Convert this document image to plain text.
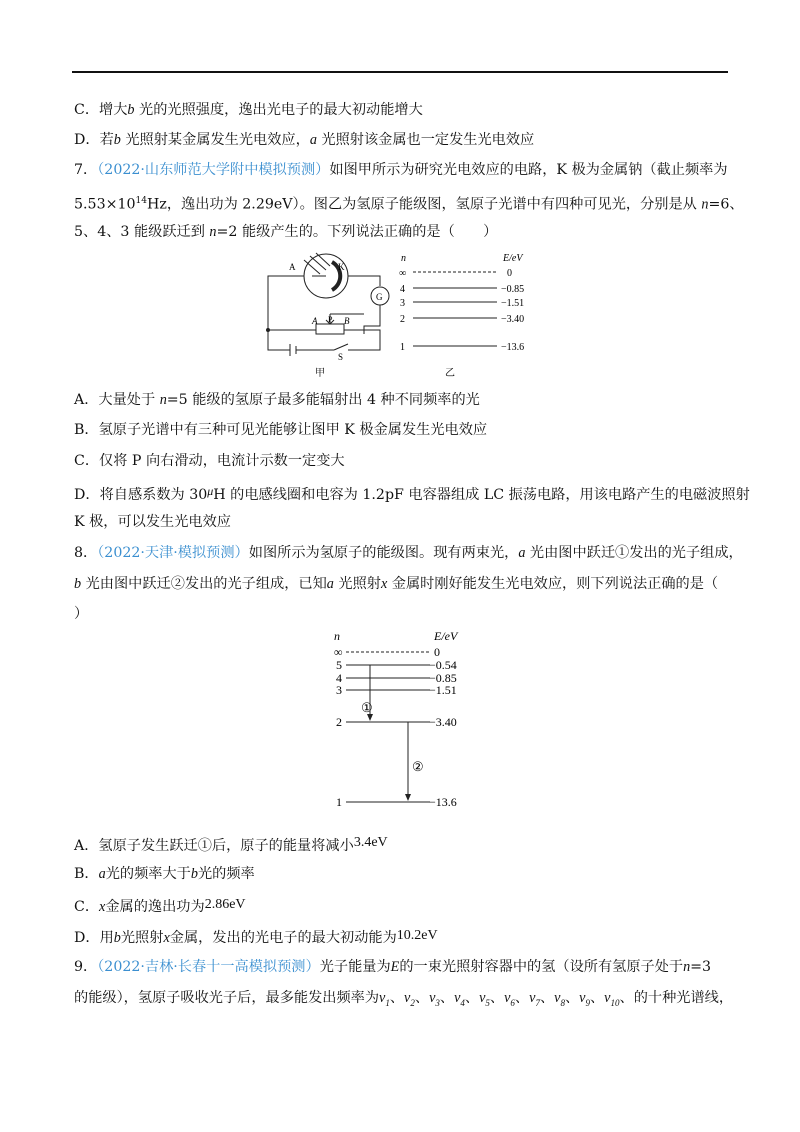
C．增大b 光的光照强度，逸出光电子的最大初动能增大
D．若b 光照射某金属发生光电效应，a 光照射该金属也一定发生光电效应
7．（2022·山东师范大学附中模拟预测）如图甲所示为研究光电效应的电路，K 极为金属钠（截止频率为
$5.53\times 10^{14}Hz$，逸出功为 2.29eV）。图乙为氢原子能级图，氢原子光谱中有四种可见光，分别是从 n=6、
5、4、3 能级跃迁到 n=2 能级产生的。下列说法正确的是（　　）
A	K
G
A P B
S
甲
n	E/eV
∞	0
4	−0.85
3	−1.51
2	−3.40
1	−13.6
乙
A．大量处于 n=5 能级的氢原子最多能辐射出 4 种不同频率的光
B．氢原子光谱中有三种可见光能够让图甲 K 极金属发生光电效应
C．仅将 P 向右滑动，电流计示数一定变大
D．将自感系数为 $30^\mu H$ 的电感线圈和电容为 1.2pF 电容器组成 LC 振荡电路，用该电路产生的电磁波照射
K 极，可以发生光电效应
8．（2022·天津·模拟预测）如图所示为氢原子的能级图。现有两束光，a 光由图中跃迁①发出的光子组成，
b 光由图中跃迁②发出的光子组成，已知a 光照射x 金属时刚好能发生光电效应，则下列说法正确的是（
）
n	E/eV
∞	0
5	−0.54
4	−0.85
3	−1.51
2	−3.40
1	−13.6
①
②
A．氢原子发生跃迁①后，原子的能量将减小3.4eV
B．a光的频率大于b光的频率
C．x金属的逸出功为2.86eV
D．用b光照射x金属，发出的光电子的最大初动能为10.2eV
9．（2022·吉林·长春十一高模拟预测）光子能量为E的一束光照射容器中的氢（设所有氢原子处于n=3
的能级），氢原子吸收光子后，最多能发出频率为$\nu_1$、$\nu_2$、$\nu_3$、$\nu_4$、$\nu_5$、$\nu_6$、$\nu_7$、$\nu_8$、$\nu_9$、$\nu_{10}$、的十种光谱线，
